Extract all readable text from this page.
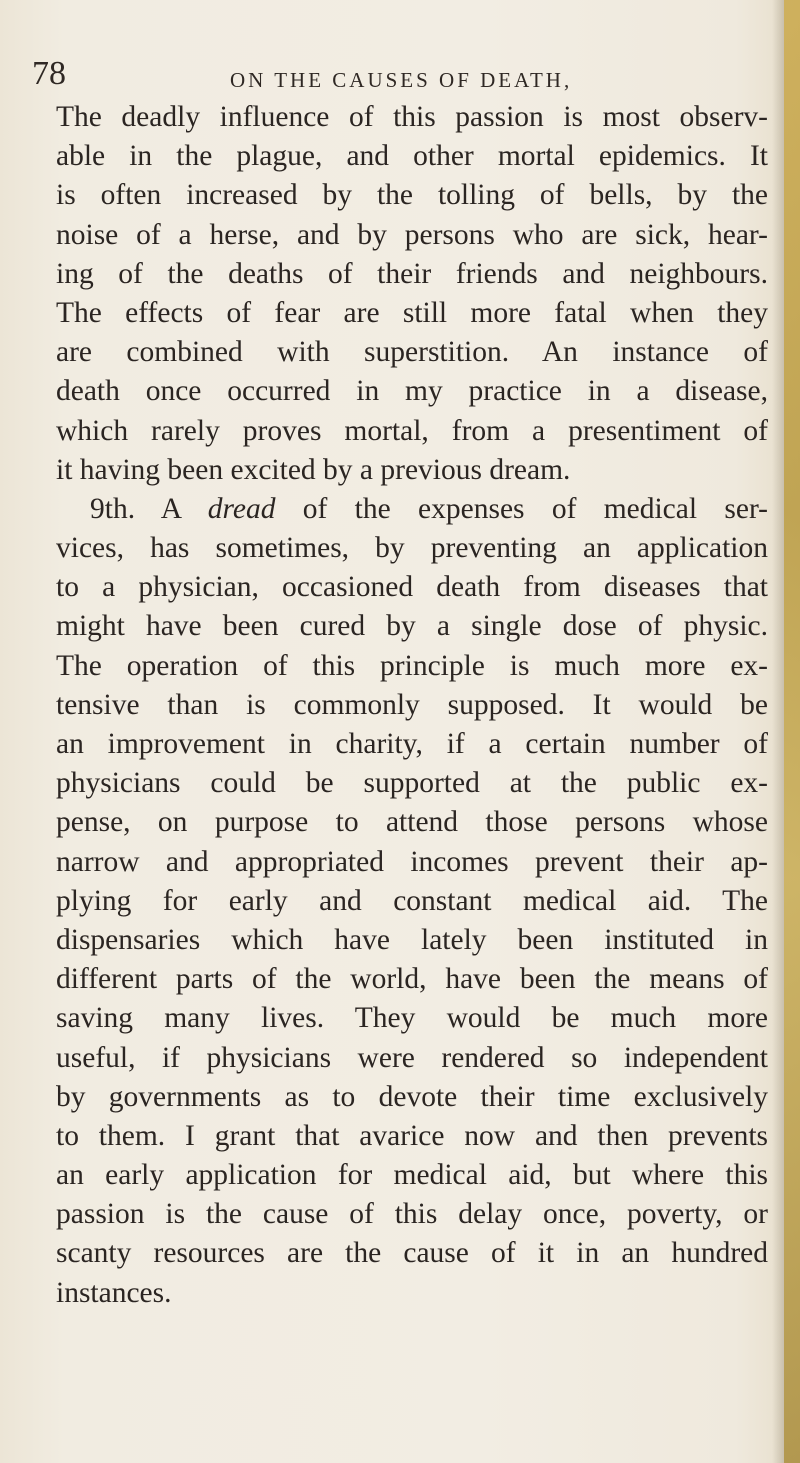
78	ON THE CAUSES OF DEATH,
The deadly influence of this passion is most observ-
able in the plague, and other mortal epidemics. It
is often increased by the tolling of bells, by the
noise of a herse, and by persons who are sick, hear-
ing of the deaths of their friends and neighbours.
The effects of fear are still more fatal when they
are combined with superstition. An instance of
death once occurred in my practice in a disease,
which rarely proves mortal, from a presentiment of
it having been excited by a previous dream.
9th. A dread of the expenses of medical ser-
vices, has sometimes, by preventing an application
to a physician, occasioned death from diseases that
might have been cured by a single dose of physic.
The operation of this principle is much more ex-
tensive than is commonly supposed. It would be
an improvement in charity, if a certain number of
physicians could be supported at the public ex-
pense, on purpose to attend those persons whose
narrow and appropriated incomes prevent their ap-
plying for early and constant medical aid. The
dispensaries which have lately been instituted in
different parts of the world, have been the means of
saving many lives. They would be much more
useful, if physicians were rendered so independent
by governments as to devote their time exclusively
to them. I grant that avarice now and then prevents
an early application for medical aid, but where this
passion is the cause of this delay once, poverty, or
scanty resources are the cause of it in an hundred
instances.
